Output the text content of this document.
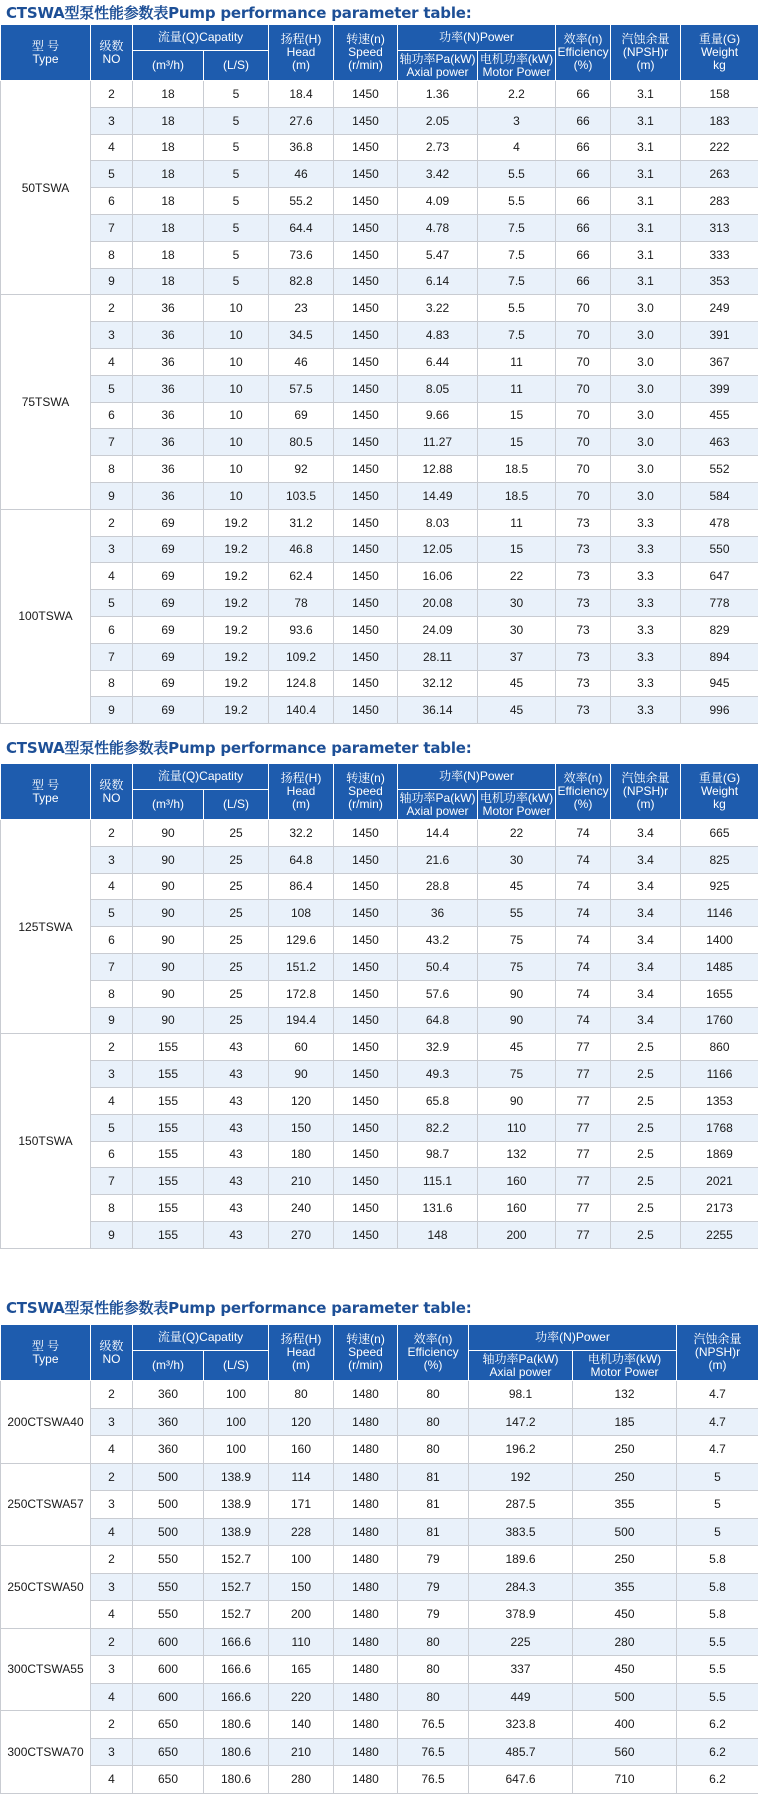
CTSWA型泵性能参数表Pump performance parameter table:
型 号
Type	级数
NO	流量(Q)Capatity		扬程(H)
Head
(m)	转速(n)
Speed
(r/min)	功率(N)Power		效率(n)
Efficiency
(%)	汽蚀余量
(NPSH)r
(m)	重量(G)
Weight
kg

		(m³/h)	(L/S)			轴功率Pa(kW)
Axial power	电机功率(kW)
Motor Power			

50TSWA	2	18	5	18.4	1450	1.36	2.2	66	3.1	158
	3	18	5	27.6	1450	2.05	3	66	3.1	183
	4	18	5	36.8	1450	2.73	4	66	3.1	222
	5	18	5	46	1450	3.42	5.5	66	3.1	263
	6	18	5	55.2	1450	4.09	5.5	66	3.1	283
	7	18	5	64.4	1450	4.78	7.5	66	3.1	313
	8	18	5	73.6	1450	5.47	7.5	66	3.1	333
	9	18	5	82.8	1450	6.14	7.5	66	3.1	353
75TSWA	2	36	10	23	1450	3.22	5.5	70	3.0	249
	3	36	10	34.5	1450	4.83	7.5	70	3.0	391
	4	36	10	46	1450	6.44	11	70	3.0	367
	5	36	10	57.5	1450	8.05	11	70	3.0	399
	6	36	10	69	1450	9.66	15	70	3.0	455
	7	36	10	80.5	1450	11.27	15	70	3.0	463
	8	36	10	92	1450	12.88	18.5	70	3.0	552
	9	36	10	103.5	1450	14.49	18.5	70	3.0	584
100TSWA	2	69	19.2	31.2	1450	8.03	11	73	3.3	478
	3	69	19.2	46.8	1450	12.05	15	73	3.3	550
	4	69	19.2	62.4	1450	16.06	22	73	3.3	647
	5	69	19.2	78	1450	20.08	30	73	3.3	778
	6	69	19.2	93.6	1450	24.09	30	73	3.3	829
	7	69	19.2	109.2	1450	28.11	37	73	3.3	894
	8	69	19.2	124.8	1450	32.12	45	73	3.3	945
	9	69	19.2	140.4	1450	36.14	45	73	3.3	996
CTSWA型泵性能参数表Pump performance parameter table:
型 号
Type	级数
NO	流量(Q)Capatity		扬程(H)
Head
(m)	转速(n)
Speed
(r/min)	功率(N)Power		效率(n)
Efficiency
(%)	汽蚀余量
(NPSH)r
(m)	重量(G)
Weight
kg

		(m³/h)	(L/S)			轴功率Pa(kW)
Axial power	电机功率(kW)
Motor Power			

125TSWA	2	90	25	32.2	1450	14.4	22	74	3.4	665
	3	90	25	64.8	1450	21.6	30	74	3.4	825
	4	90	25	86.4	1450	28.8	45	74	3.4	925
	5	90	25	108	1450	36	55	74	3.4	1146
	6	90	25	129.6	1450	43.2	75	74	3.4	1400
	7	90	25	151.2	1450	50.4	75	74	3.4	1485
	8	90	25	172.8	1450	57.6	90	74	3.4	1655
	9	90	25	194.4	1450	64.8	90	74	3.4	1760
150TSWA	2	155	43	60	1450	32.9	45	77	2.5	860
	3	155	43	90	1450	49.3	75	77	2.5	1166
	4	155	43	120	1450	65.8	90	77	2.5	1353
	5	155	43	150	1450	82.2	110	77	2.5	1768
	6	155	43	180	1450	98.7	132	77	2.5	1869
	7	155	43	210	1450	115.1	160	77	2.5	2021
	8	155	43	240	1450	131.6	160	77	2.5	2173
	9	155	43	270	1450	148	200	77	2.5	2255
CTSWA型泵性能参数表Pump performance parameter table:
型 号
Type	级数
NO	流量(Q)Capatity		扬程(H)
Head
(m)	转速(n)
Speed
(r/min)	效率(n)
Efficiency
(%)	功率(N)Power		汽蚀余量
(NPSH)r
(m)

		(m³/h)	(L/S)				轴功率Pa(kW)
Axial power	电机功率(kW)
Motor Power	

200CTSWA40	2	360	100	80	1480	80	98.1	132	4.7
	3	360	100	120	1480	80	147.2	185	4.7
	4	360	100	160	1480	80	196.2	250	4.7
250CTSWA57	2	500	138.9	114	1480	81	192	250	5
	3	500	138.9	171	1480	81	287.5	355	5
	4	500	138.9	228	1480	81	383.5	500	5
250CTSWA50	2	550	152.7	100	1480	79	189.6	250	5.8
	3	550	152.7	150	1480	79	284.3	355	5.8
	4	550	152.7	200	1480	79	378.9	450	5.8
300CTSWA55	2	600	166.6	110	1480	80	225	280	5.5
	3	600	166.6	165	1480	80	337	450	5.5
	4	600	166.6	220	1480	80	449	500	5.5
300CTSWA70	2	650	180.6	140	1480	76.5	323.8	400	6.2
	3	650	180.6	210	1480	76.5	485.7	560	6.2
	4	650	180.6	280	1480	76.5	647.6	710	6.2
